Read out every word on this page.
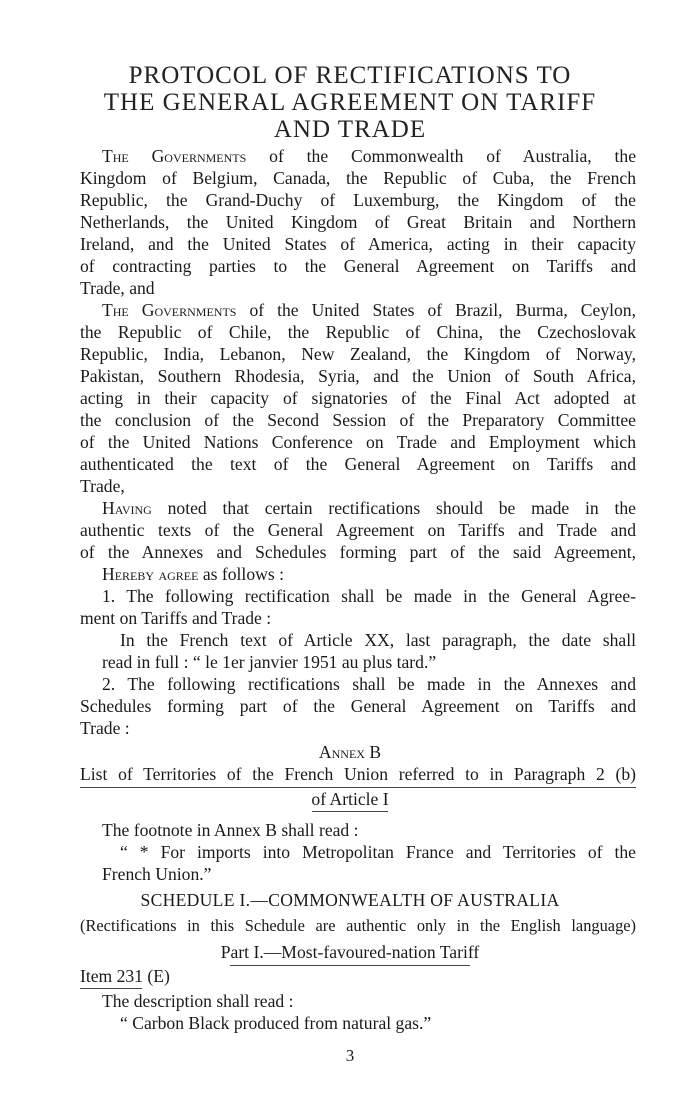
PROTOCOL OF RECTIFICATIONS TO
THE GENERAL AGREEMENT ON TARIFF
AND TRADE
The Governments of the Commonwealth of Australia, the
Kingdom of Belgium, Canada, the Republic of Cuba, the French
Republic, the Grand-Duchy of Luxemburg, the Kingdom of the
Netherlands, the United Kingdom of Great Britain and Northern
Ireland, and the United States of America, acting in their capacity
of contracting parties to the General Agreement on Tariffs and
Trade, and
The Governments of the United States of Brazil, Burma, Ceylon,
the Republic of Chile, the Republic of China, the Czechoslovak
Republic, India, Lebanon, New Zealand, the Kingdom of Norway,
Pakistan, Southern Rhodesia, Syria, and the Union of South Africa,
acting in their capacity of signatories of the Final Act adopted at
the conclusion of the Second Session of the Preparatory Committee
of the United Nations Conference on Trade and Employment which
authenticated the text of the General Agreement on Tariffs and
Trade,
Having noted that certain rectifications should be made in the
authentic texts of the General Agreement on Tariffs and Trade and
of the Annexes and Schedules forming part of the said Agreement,
Hereby agree as follows :
1. The following rectification shall be made in the General Agree-
ment on Tariffs and Trade :
In the French text of Article XX, last paragraph, the date shall
read in full : “ le 1er janvier 1951 au plus tard.”
2. The following rectifications shall be made in the Annexes and
Schedules forming part of the General Agreement on Tariffs and
Trade :
Annex B
List of Territories of the French Union referred to in Paragraph 2 (b)
of Article I
The footnote in Annex B shall read :
“ * For imports into Metropolitan France and Territories of the
French Union.”
SCHEDULE I.—COMMONWEALTH OF AUSTRALIA
(Rectifications in this Schedule are authentic only in the English language)
Part I.—Most-favoured-nation Tariff
Item 231 (E)
The description shall read :
“ Carbon Black produced from natural gas.”
3
